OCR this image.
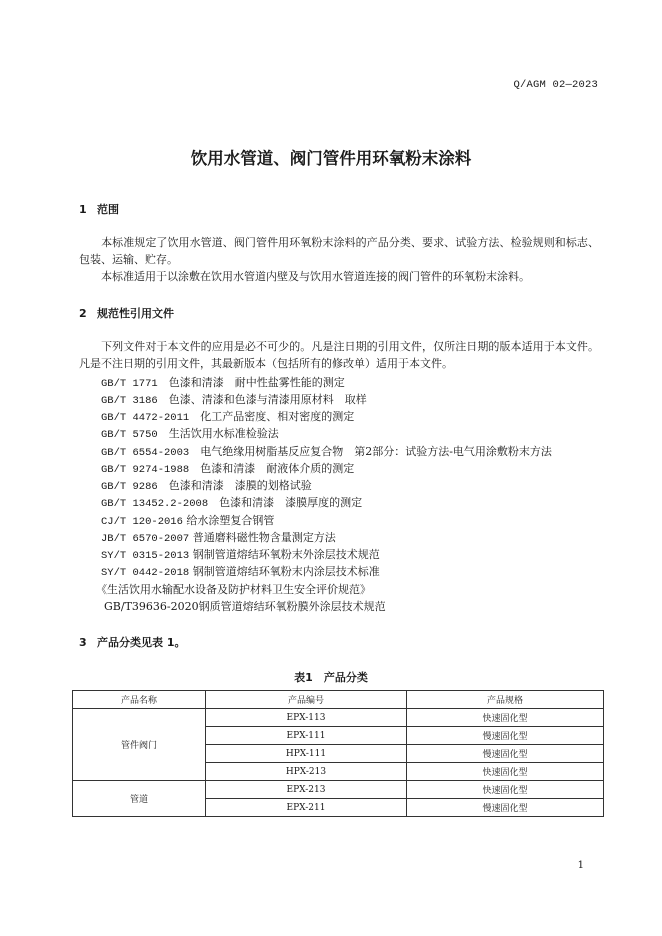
Q/AGM 02—2023
饮用水管道、阀门管件用环氧粉末涂料
1 范围
本标准规定了饮用水管道、阀门管件用环氧粉末涂料的产品分类、要求、试验方法、检验规则和标志、包装、运输、贮存。
本标准适用于以涂敷在饮用水管道内壁及与饮用水管道连接的阀门管件的环氧粉末涂料。
2 规范性引用文件
下列文件对于本文件的应用是必不可少的。凡是注日期的引用文件，仅所注日期的版本适用于本文件。凡是不注日期的引用文件，其最新版本（包括所有的修改单）适用于本文件。
GB/T 1771　 色漆和清漆　耐中性盐雾性能的测定
GB/T 3186　 色漆、清漆和色漆与清漆用原材料　取样
GB/T 4472-2011　 化工产品密度、相对密度的测定
GB/T 5750　 生活饮用水标准检验法
GB/T 6554-2003　 电气绝缘用树脂基反应复合物　第2部分：试验方法-电气用涂敷粉末方法
GB/T 9274-1988　 色漆和清漆　耐液体介质的测定
GB/T 9286　 色漆和清漆　漆膜的划格试验
GB/T 13452.2-2008　 色漆和清漆　漆膜厚度的测定
CJ/T 120-2016 给水涂塑复合钢管
JB/T 6570-2007 普通磨料磁性物含量测定方法
SY/T 0315-2013 钢制管道熔结环氧粉末外涂层技术规范
SY/T 0442-2018 钢制管道熔结环氧粉末内涂层技术标准
《生活饮用水输配水设备及防护材料卫生安全评价规范》
GB/T39636-2020钢质管道熔结环氧粉膜外涂层技术规范
3 产品分类见表 1。
表1　产品分类
产品名称	产品编号	产品规格
管件阀门	EPX-113	快速固化型
	EPX-111	慢速固化型
	HPX-111	慢速固化型
	HPX-213	快速固化型
管道	EPX-213	快速固化型
	EPX-211	慢速固化型
1
